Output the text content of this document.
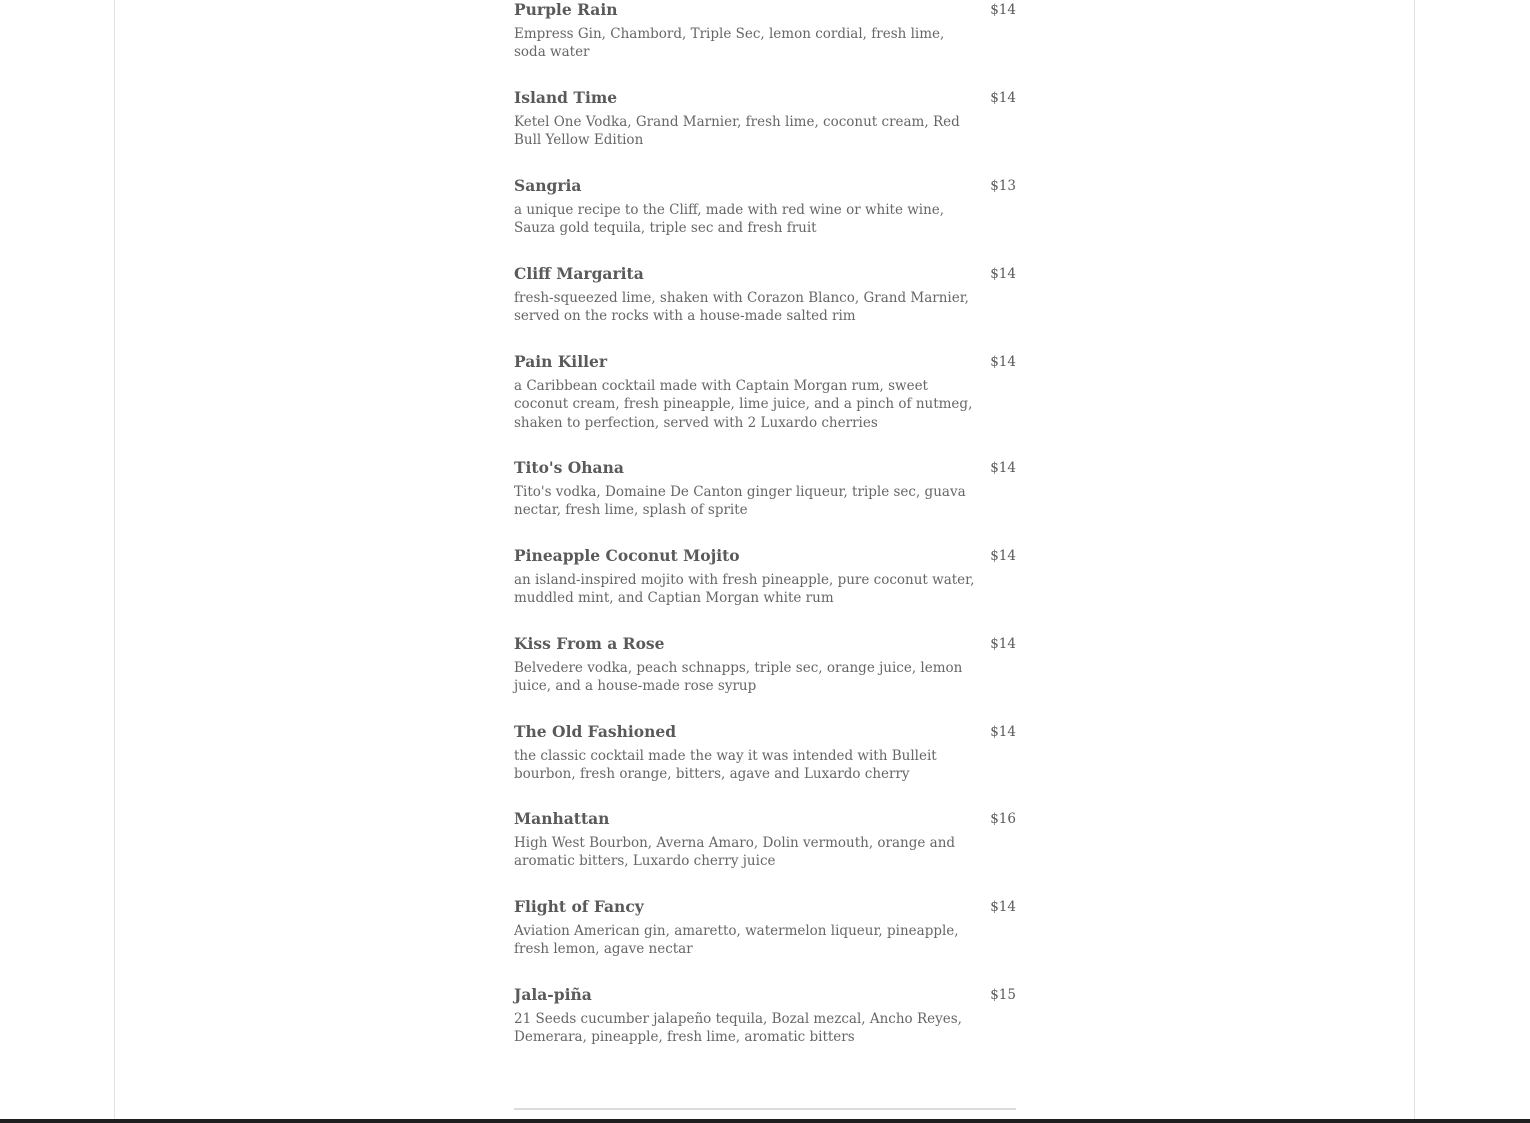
Purple Rain	$14
Empress Gin, Chambord, Triple Sec, lemon cordial, fresh lime, soda water
Island Time	$14
Ketel One Vodka, Grand Marnier, fresh lime, coconut cream, Red Bull Yellow Edition
Sangria	$13
a unique recipe to the Cliff, made with red wine or white wine, Sauza gold tequila, triple sec and fresh fruit
Cliff Margarita	$14
fresh-squeezed lime, shaken with Corazon Blanco, Grand Marnier, served on the rocks with a house-made salted rim
Pain Killer	$14
a Caribbean cocktail made with Captain Morgan rum, sweet coconut cream, fresh pineapple, lime juice, and a pinch of nutmeg, shaken to perfection, served with 2 Luxardo cherries
Tito's Ohana	$14
Tito's vodka, Domaine De Canton ginger liqueur, triple sec, guava nectar, fresh lime, splash of sprite
Pineapple Coconut Mojito	$14
an island-inspired mojito with fresh pineapple, pure coconut water, muddled mint, and Captian Morgan white rum
Kiss From a Rose	$14
Belvedere vodka, peach schnapps, triple sec, orange juice, lemon juice, and a house-made rose syrup
The Old Fashioned	$14
the classic cocktail made the way it was intended with Bulleit bourbon, fresh orange, bitters, agave and Luxardo cherry
Manhattan	$16
High West Bourbon, Averna Amaro, Dolin vermouth, orange and aromatic bitters, Luxardo cherry juice
Flight of Fancy	$14
Aviation American gin, amaretto, watermelon liqueur, pineapple, fresh lemon, agave nectar
Jala-piña	$15
21 Seeds cucumber jalapeño tequila, Bozal mezcal, Ancho Reyes, Demerara, pineapple, fresh lime, aromatic bitters
